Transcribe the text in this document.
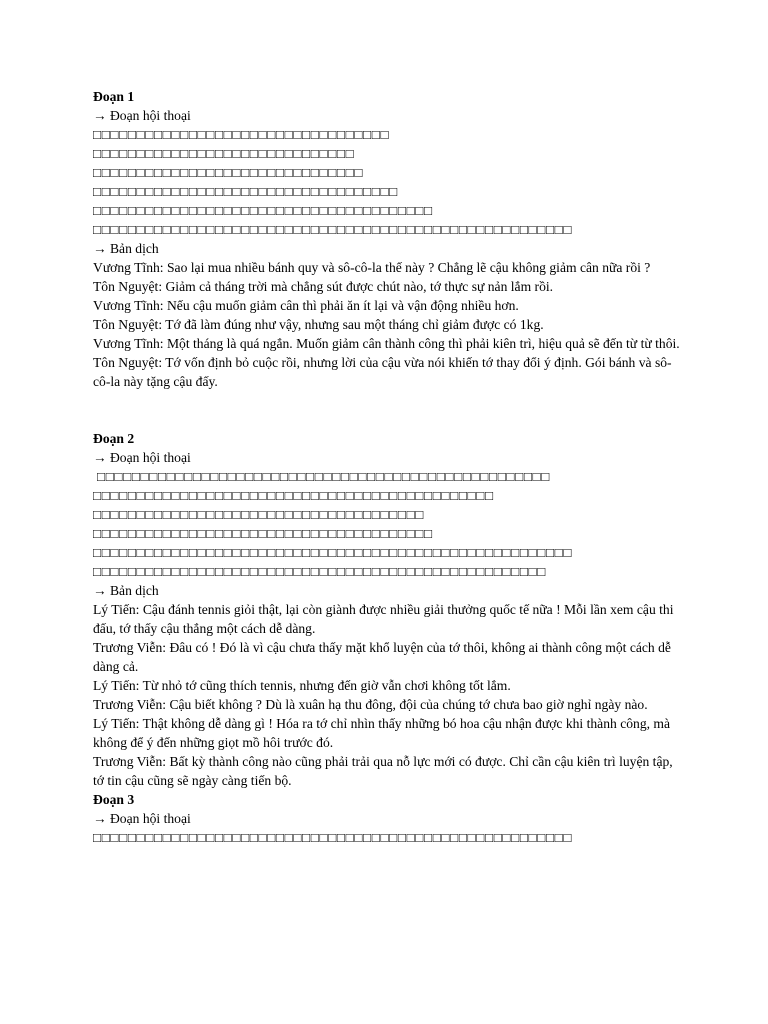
Đoạn 1
→ Đoạn hội thoại
□□□□□□□□□□□□□□□□□□□□□□□□□□□□□□□□□□
□□□□□□□□□□□□□□□□□□□□□□□□□□□□□□
□□□□□□□□□□□□□□□□□□□□□□□□□□□□□□□
□□□□□□□□□□□□□□□□□□□□□□□□□□□□□□□□□□□
□□□□□□□□□□□□□□□□□□□□□□□□□□□□□□□□□□□□□□□
□□□□□□□□□□□□□□□□□□□□□□□□□□□□□□□□□□□□□□□□□□□□□□□□□□□□□□□
→ Bản dịch
Vương Tĩnh: Sao lại mua nhiều bánh quy và sô-cô-la thế này ? Chẳng lẽ cậu không giảm cân nữa rồi ?
Tôn Nguyệt: Giảm cả tháng trời mà chẳng sút được chút nào, tớ thực sự nản lắm rồi.
Vương Tĩnh: Nếu cậu muốn giảm cân thì phải ăn ít lại và vận động nhiều hơn.
Tôn Nguyệt: Tớ đã làm đúng như vậy, nhưng sau một tháng chỉ giảm được có 1kg.
Vương Tĩnh: Một tháng là quá ngắn. Muốn giảm cân thành công thì phải kiên trì, hiệu quả sẽ đến từ từ thôi.
Tôn Nguyệt: Tớ vốn định bỏ cuộc rồi, nhưng lời của cậu vừa nói khiến tớ thay đổi ý định. Gói bánh và sô-cô-la này tặng cậu đấy.
Đoạn 2
→ Đoạn hội thoại
□□□□□□□□□□□□□□□□□□□□□□□□□□□□□□□□□□□□□□□□□□□□□□□□□□□□
□□□□□□□□□□□□□□□□□□□□□□□□□□□□□□□□□□□□□□□□□□□□□□
□□□□□□□□□□□□□□□□□□□□□□□□□□□□□□□□□□□□□□
□□□□□□□□□□□□□□□□□□□□□□□□□□□□□□□□□□□□□□□
□□□□□□□□□□□□□□□□□□□□□□□□□□□□□□□□□□□□□□□□□□□□□□□□□□□□□□□
□□□□□□□□□□□□□□□□□□□□□□□□□□□□□□□□□□□□□□□□□□□□□□□□□□□□
→ Bản dịch
Lý Tiến: Cậu đánh tennis giỏi thật, lại còn giành được nhiều giải thưởng quốc tế nữa ! Mỗi lần xem cậu thi đấu, tớ thấy cậu thắng một cách dễ dàng.
Trương Viễn: Đâu có ! Đó là vì cậu chưa thấy mặt khổ luyện của tớ thôi, không ai thành công một cách dễ dàng cả.
Lý Tiến: Từ nhỏ tớ cũng thích tennis, nhưng đến giờ vẫn chơi không tốt lắm.
Trương Viễn: Cậu biết không ? Dù là xuân hạ thu đông, đội của chúng tớ chưa bao giờ nghỉ ngày nào.
Lý Tiến: Thật không dễ dàng gì ! Hóa ra tớ chỉ nhìn thấy những bó hoa cậu nhận được khi thành công, mà không để ý đến những giọt mồ hôi trước đó.
Trương Viễn: Bất kỳ thành công nào cũng phải trải qua nỗ lực mới có được. Chỉ cần cậu kiên trì luyện tập, tớ tin cậu cũng sẽ ngày càng tiến bộ.
Đoạn 3
→ Đoạn hội thoại
□□□□□□□□□□□□□□□□□□□□□□□□□□□□□□□□□□□□□□□□□□□□□□□□□□□□□□□
